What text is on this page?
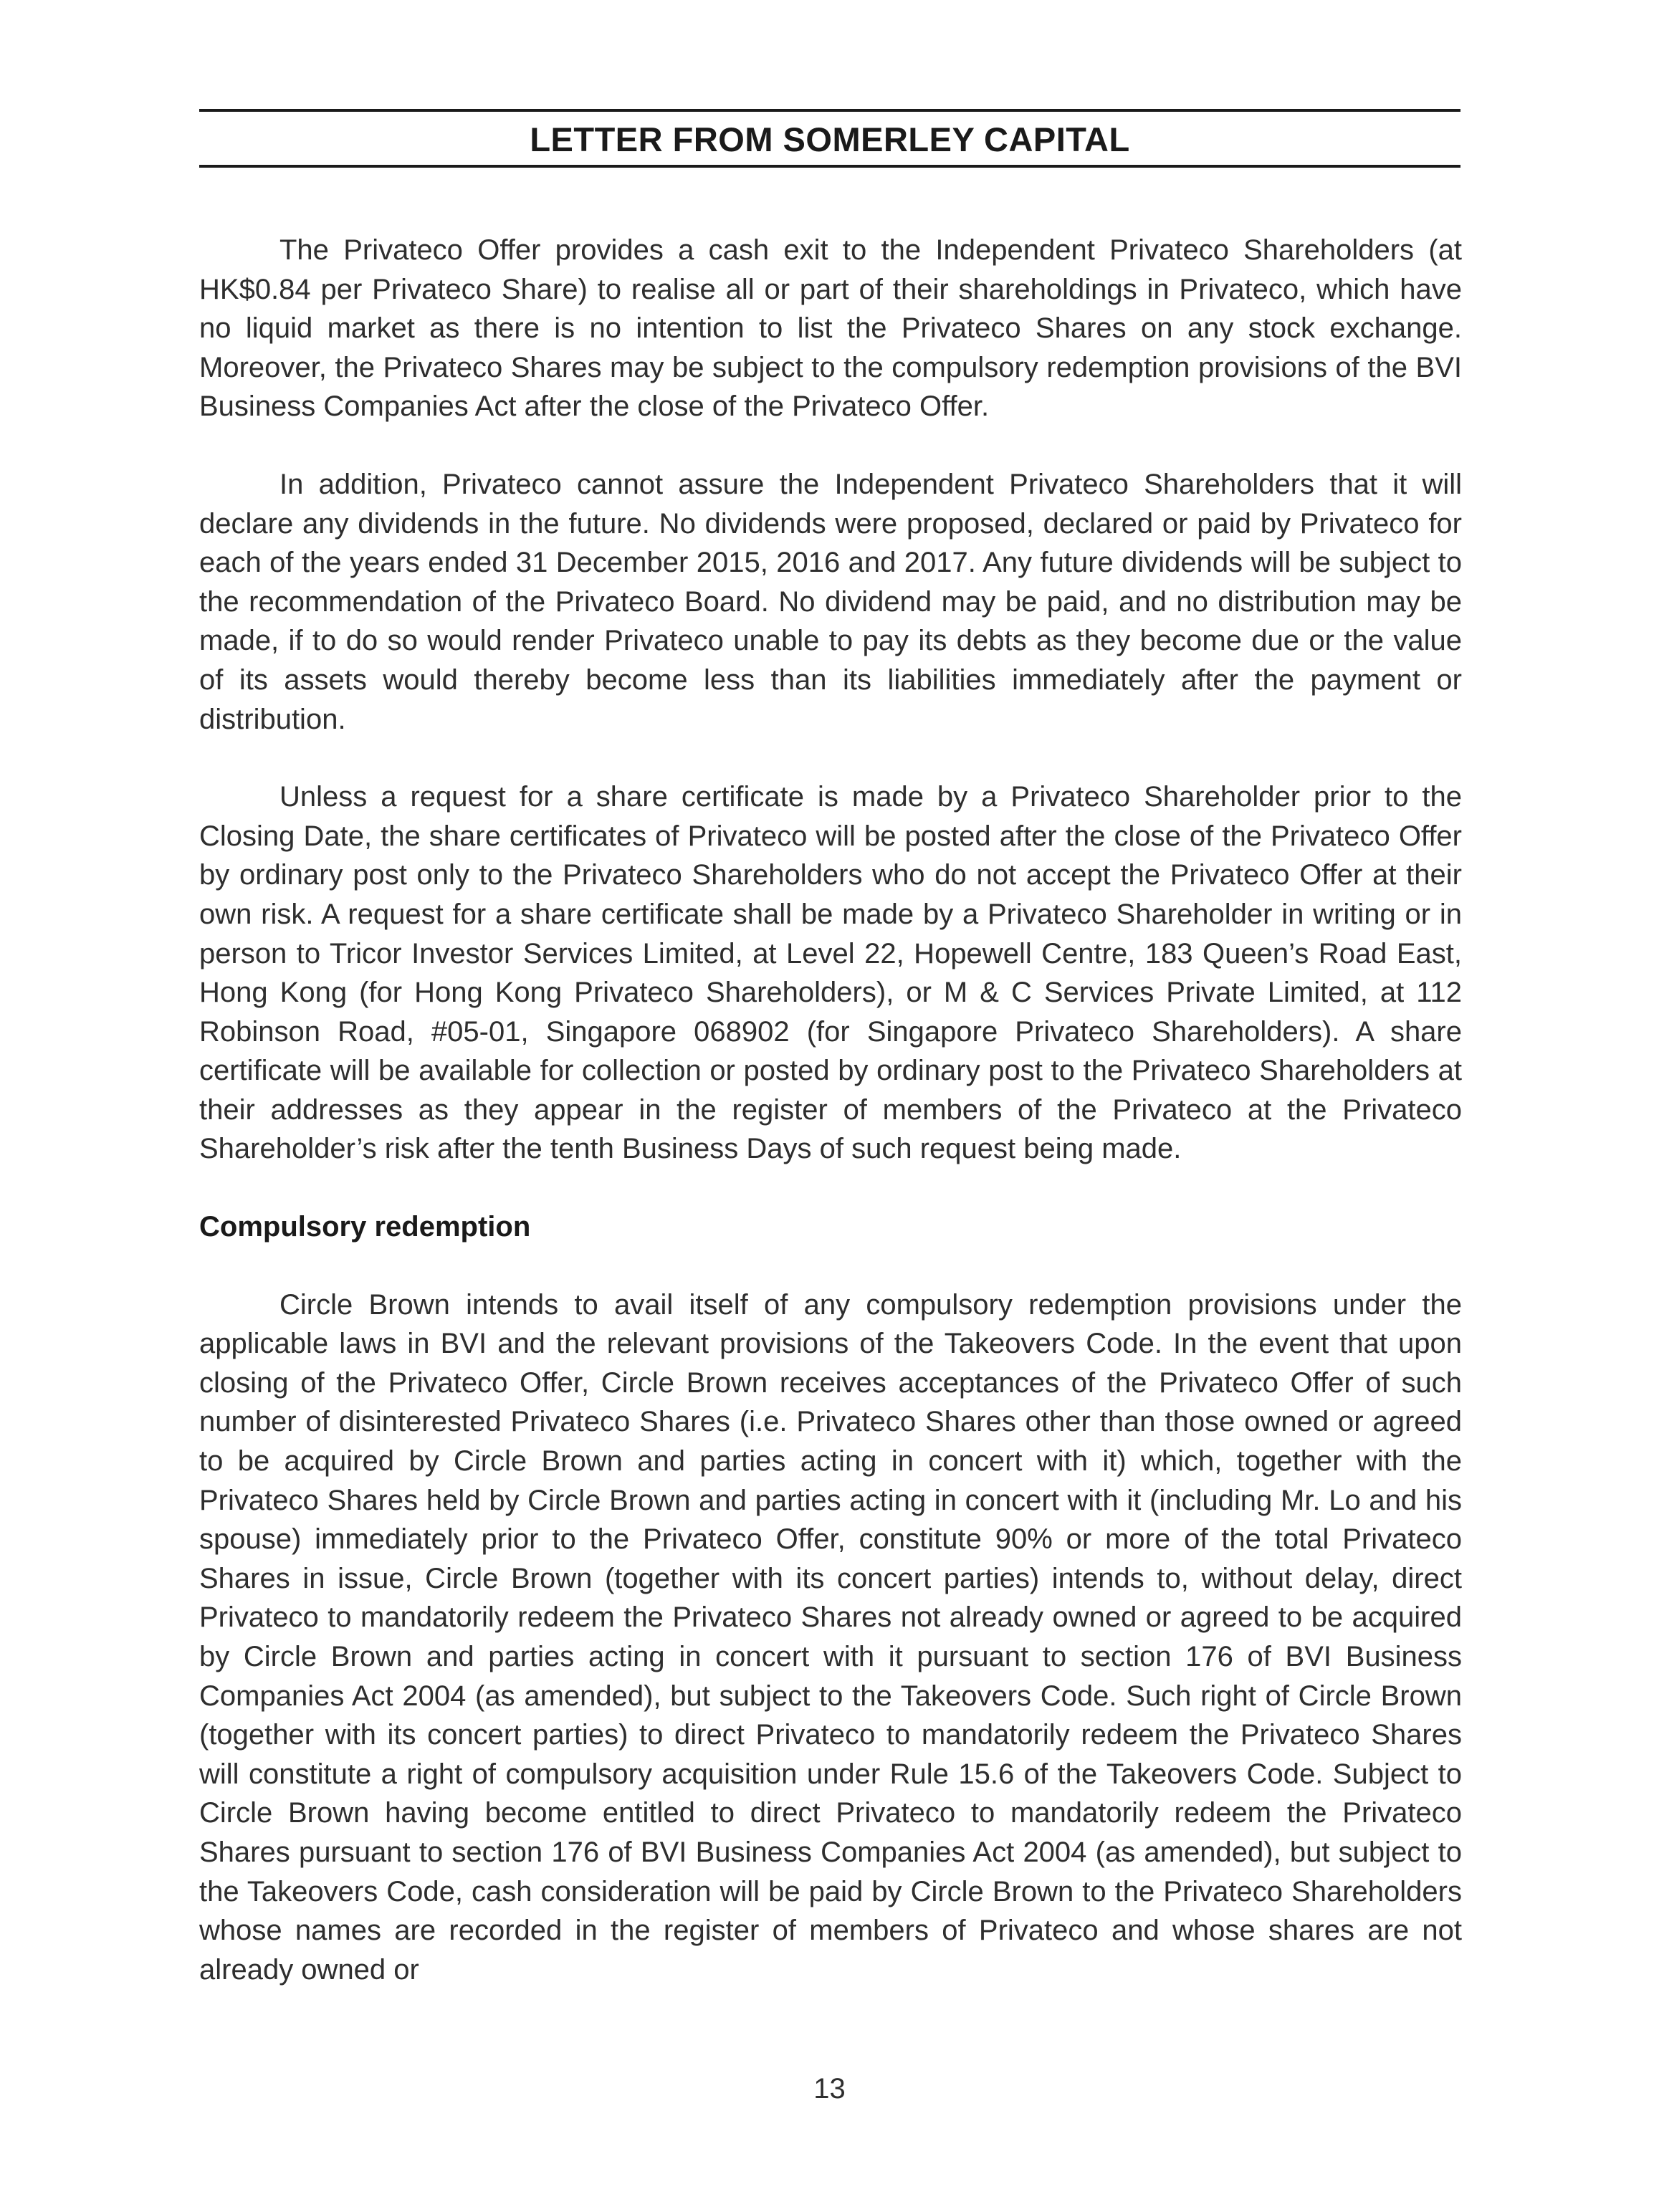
LETTER FROM SOMERLEY CAPITAL

The Privateco Offer provides a cash exit to the Independent Privateco Shareholders (at HK$0.84 per Privateco Share) to realise all or part of their shareholdings in Privateco, which have no liquid market as there is no intention to list the Privateco Shares on any stock exchange. Moreover, the Privateco Shares may be subject to the compulsory redemption provisions of the BVI Business Companies Act after the close of the Privateco Offer.

In addition, Privateco cannot assure the Independent Privateco Shareholders that it will declare any dividends in the future. No dividends were proposed, declared or paid by Privateco for each of the years ended 31 December 2015, 2016 and 2017. Any future dividends will be subject to the recommendation of the Privateco Board. No dividend may be paid, and no distribution may be made, if to do so would render Privateco unable to pay its debts as they become due or the value of its assets would thereby become less than its liabilities immediately after the payment or distribution.

Unless a request for a share certificate is made by a Privateco Shareholder prior to the Closing Date, the share certificates of Privateco will be posted after the close of the Privateco Offer by ordinary post only to the Privateco Shareholders who do not accept the Privateco Offer at their own risk. A request for a share certificate shall be made by a Privateco Shareholder in writing or in person to Tricor Investor Services Limited, at Level 22, Hopewell Centre, 183 Queen’s Road East, Hong Kong (for Hong Kong Privateco Shareholders), or M & C Services Private Limited, at 112 Robinson Road, #05-01, Singapore 068902 (for Singapore Privateco Shareholders). A share certificate will be available for collection or posted by ordinary post to the Privateco Shareholders at their addresses as they appear in the register of members of the Privateco at the Privateco Shareholder’s risk after the tenth Business Days of such request being made.

Compulsory redemption

Circle Brown intends to avail itself of any compulsory redemption provisions under the applicable laws in BVI and the relevant provisions of the Takeovers Code. In the event that upon closing of the Privateco Offer, Circle Brown receives acceptances of the Privateco Offer of such number of disinterested Privateco Shares (i.e. Privateco Shares other than those owned or agreed to be acquired by Circle Brown and parties acting in concert with it) which, together with the Privateco Shares held by Circle Brown and parties acting in concert with it (including Mr. Lo and his spouse) immediately prior to the Privateco Offer, constitute 90% or more of the total Privateco Shares in issue, Circle Brown (together with its concert parties) intends to, without delay, direct Privateco to mandatorily redeem the Privateco Shares not already owned or agreed to be acquired by Circle Brown and parties acting in concert with it pursuant to section 176 of BVI Business Companies Act 2004 (as amended), but subject to the Takeovers Code. Such right of Circle Brown (together with its concert parties) to direct Privateco to mandatorily redeem the Privateco Shares will constitute a right of compulsory acquisition under Rule 15.6 of the Takeovers Code. Subject to Circle Brown having become entitled to direct Privateco to mandatorily redeem the Privateco Shares pursuant to section 176 of BVI Business Companies Act 2004 (as amended), but subject to the Takeovers Code, cash consideration will be paid by Circle Brown to the Privateco Shareholders whose names are recorded in the register of members of Privateco and whose shares are not already owned or

13
